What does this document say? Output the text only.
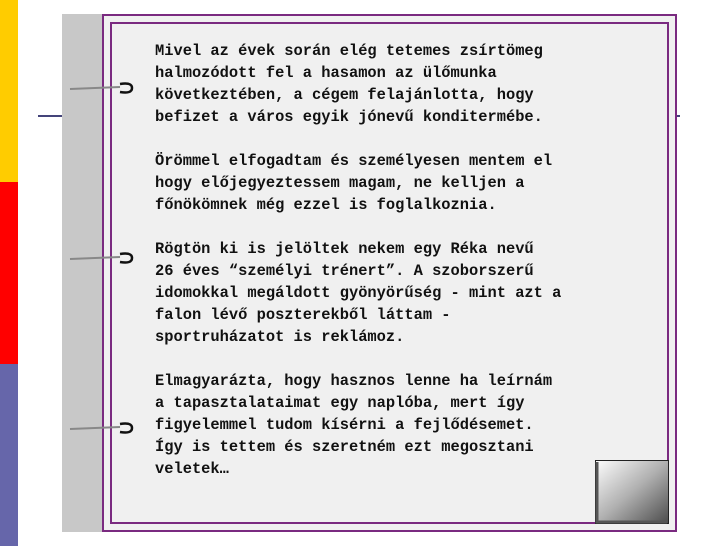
Mivel az évek során elég tetemes zsírtömeg
halmozódott fel a hasamon az ülőmunka
következtében, a cégem felajánlotta, hogy
befizet a város egyik jónevű konditermébe.

Örömmel elfogadtam és személyesen mentem el
hogy előjegyeztessem magam, ne kelljen a
főnökömnek még ezzel is foglalkoznia.

Rögtön ki is jelöltek nekem egy Réka nevű
26 éves “személyi trénert”. A szoborszerű
idomokkal megáldott gyönyörűség - mint azt a
falon lévő poszterekből láttam -
sportruházatot is reklámoz.

Elmagyarázta, hogy hasznos lenne ha leírnám
a tapasztalataimat egy naplóba, mert így
figyelemmel tudom kísérni a fejlődésemet.
Így is tettem és szeretném ezt megosztani
veletek…
